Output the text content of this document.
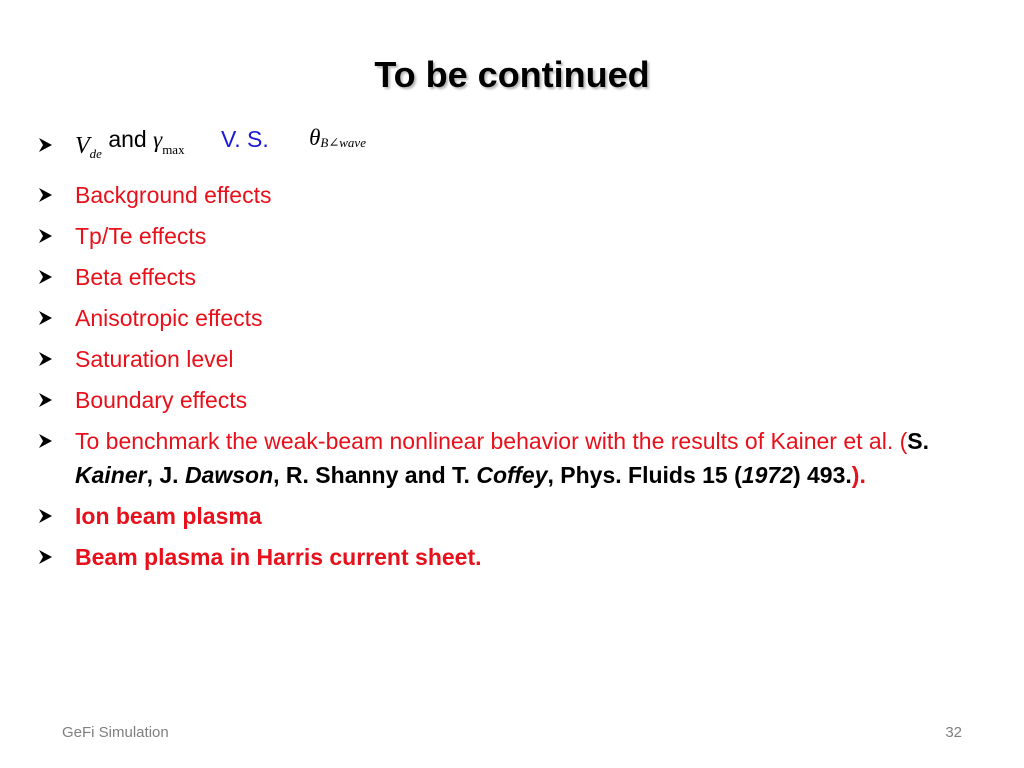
To be continued
$V_{de}$ and γmax V. S. $\theta^{B\angle wave}$
Background effects
Tp/Te effects
Beta effects
Anisotropic effects
Saturation level
Boundary effects
To benchmark the weak-beam nonlinear behavior with the results of Kainer et al. (S. Kainer, J. Dawson, R. Shanny and T. Coffey, Phys. Fluids 15 (1972) 493.).
Ion beam plasma
Beam plasma in Harris current sheet.
GeFi Simulation	32
